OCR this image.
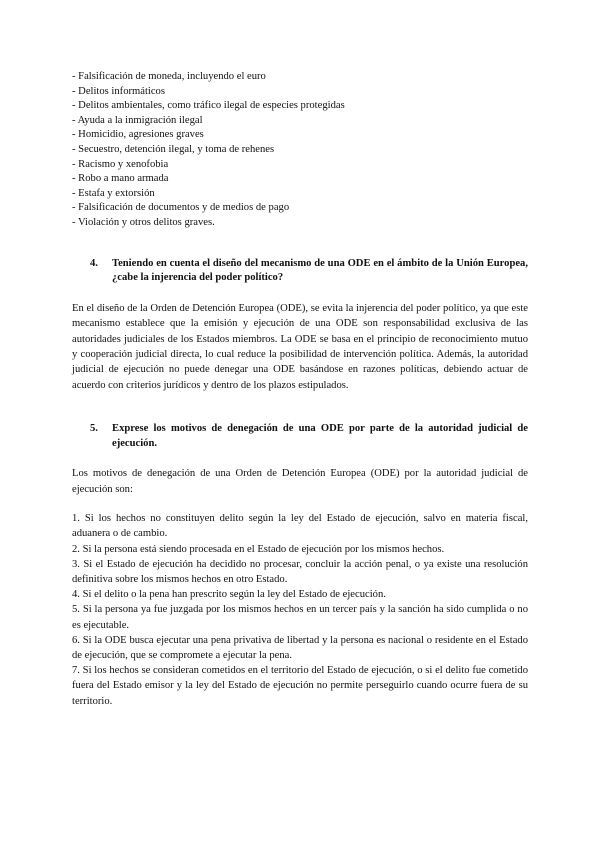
- Falsificación de moneda, incluyendo el euro
- Delitos informáticos
- Delitos ambientales, como tráfico ilegal de especies protegidas
- Ayuda a la inmigración ilegal
- Homicidio, agresiones graves
- Secuestro, detención ilegal, y toma de rehenes
- Racismo y xenofobia
- Robo a mano armada
- Estafa y extorsión
- Falsificación de documentos y de medios de pago
- Violación y otros delitos graves.
4.	Teniendo en cuenta el diseño del mecanismo de una ODE en el ámbito de la Unión Europea, ¿cabe la injerencia del poder político?

En el diseño de la Orden de Detención Europea (ODE), se evita la injerencia del poder político, ya que este mecanismo establece que la emisión y ejecución de una ODE son responsabilidad exclusiva de las autoridades judiciales de los Estados miembros. La ODE se basa en el principio de reconocimiento mutuo y cooperación judicial directa, lo cual reduce la posibilidad de intervención política. Además, la autoridad judicial de ejecución no puede denegar una ODE basándose en razones políticas, debiendo actuar de acuerdo con criterios jurídicos y dentro de los plazos estipulados.

5.	Exprese los motivos de denegación de una ODE por parte de la autoridad judicial de ejecución.

Los motivos de denegación de una Orden de Detención Europea (ODE) por la autoridad judicial de ejecución son:

1. Si los hechos no constituyen delito según la ley del Estado de ejecución, salvo en materia fiscal, aduanera o de cambio.
2. Si la persona está siendo procesada en el Estado de ejecución por los mismos hechos.
3. Si el Estado de ejecución ha decidido no procesar, concluir la acción penal, o ya existe una resolución definitiva sobre los mismos hechos en otro Estado.
4. Si el delito o la pena han prescrito según la ley del Estado de ejecución.
5. Si la persona ya fue juzgada por los mismos hechos en un tercer país y la sanción ha sido cumplida o no es ejecutable.
6. Si la ODE busca ejecutar una pena privativa de libertad y la persona es nacional o residente en el Estado de ejecución, que se compromete a ejecutar la pena.
7. Si los hechos se consideran cometidos en el territorio del Estado de ejecución, o si el delito fue cometido fuera del Estado emisor y la ley del Estado de ejecución no permite perseguirlo cuando ocurre fuera de su territorio.
